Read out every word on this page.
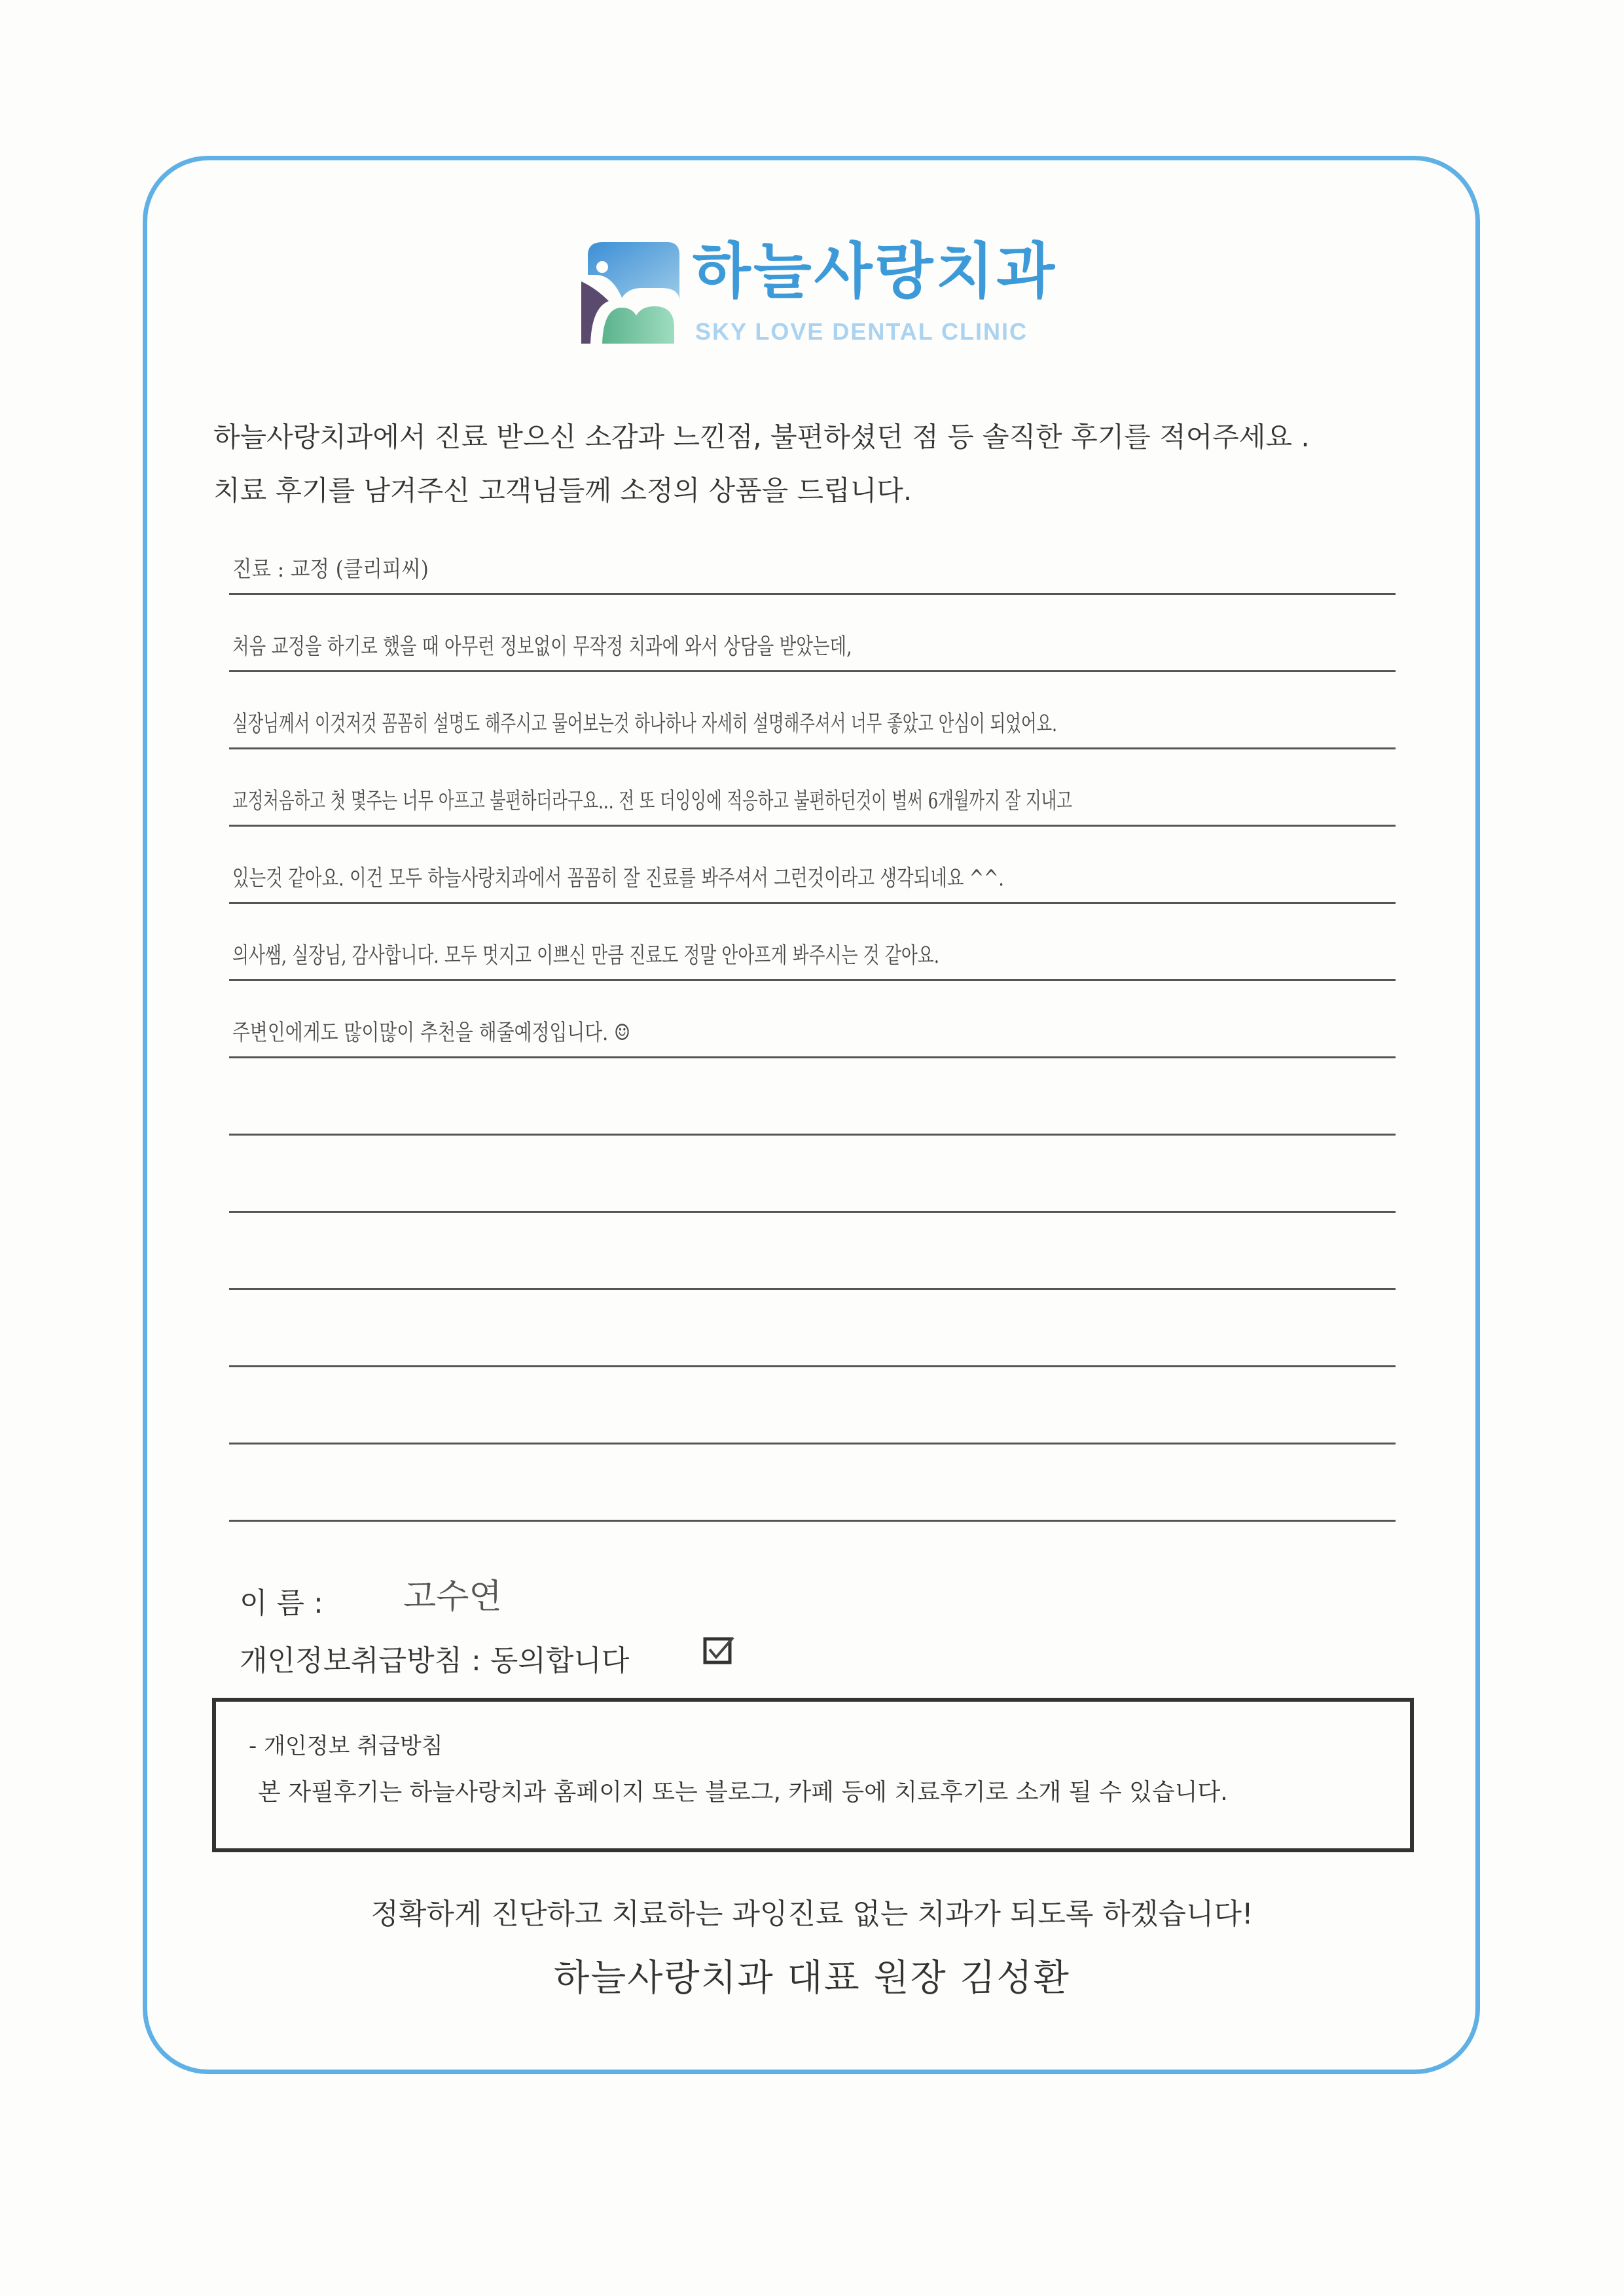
하늘사랑치과
SKY LOVE DENTAL CLINIC
하늘사랑치과에서 진료 받으신 소감과 느낀점, 불편하셨던 점 등 솔직한 후기를 적어주세요 .
치료 후기를 남겨주신 고객님들께 소정의 상품을 드립니다.
진료 : 교정 (클리피씨)
처음 교정을 하기로 했을 때 아무런 정보없이 무작정 치과에 와서 상담을 받았는데,
실장님께서 이것저것 꼼꼼히 설명도 해주시고 물어보는것 하나하나 자세히 설명해주셔서 너무 좋았고 안심이 되었어요.
교정처음하고 첫 몇주는 너무 아프고 불편하더라구요... 전 또 더잉잉에 적응하고 불편하던것이 벌써 6개월까지 잘 지내고
있는것 같아요. 이건 모두 하늘사랑치과에서 꼼꼼히 잘 진료를 봐주셔서 그런것이라고 생각되네요 ^^.
의사쌤, 실장님, 감사합니다. 모두 멋지고 이쁘신 만큼 진료도 정말 안아프게 봐주시는 것 같아요.
주변인에게도 많이많이 추천을 해줄예정입니다. ☺
이 름 : 고수연
개인정보취급방침 : 동의합니다
- 개인정보 취급방침
본 자필후기는 하늘사랑치과 홈페이지 또는 블로그, 카페 등에 치료후기로 소개 될 수 있습니다.
정확하게 진단하고 치료하는 과잉진료 없는 치과가 되도록 하겠습니다!
하늘사랑치과 대표 원장 김성환
